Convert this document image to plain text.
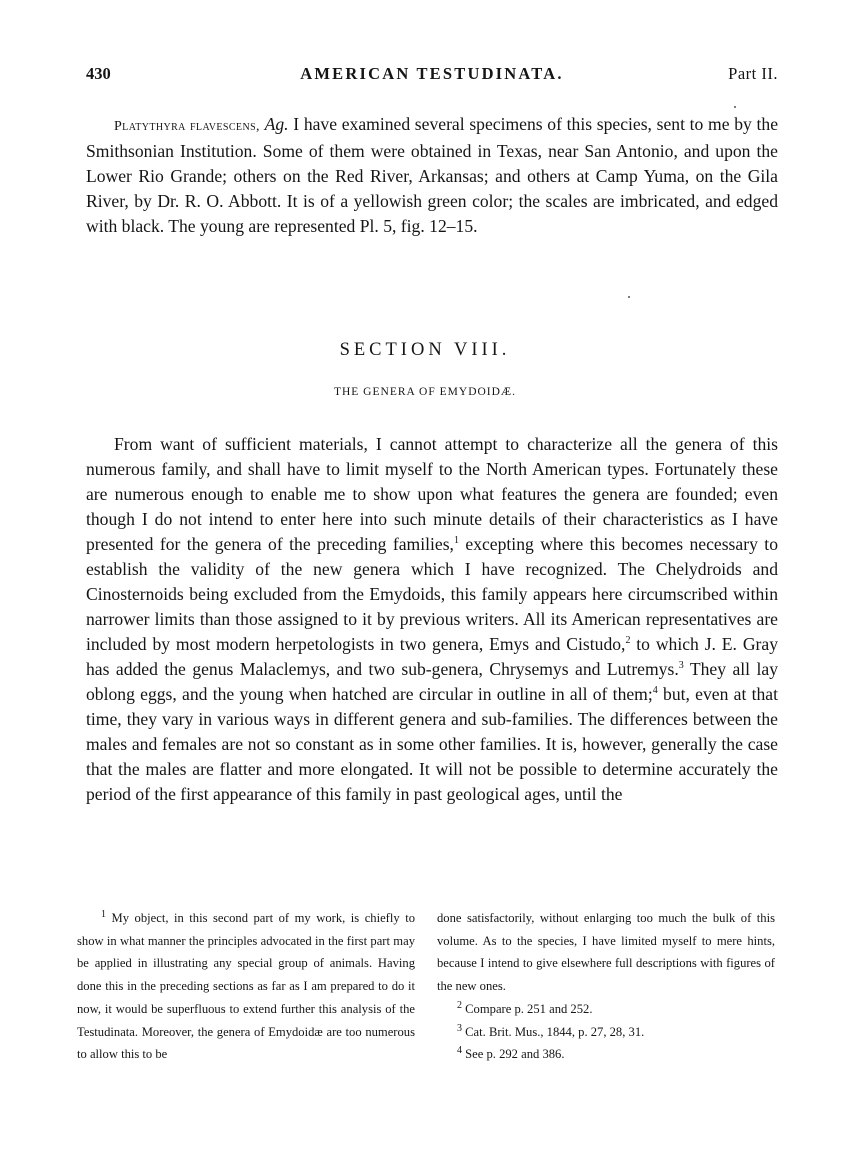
430	AMERICAN TESTUDINATA.	Part II.

Platythyra flavescens, Ag. I have examined several specimens of this species, sent to me by the Smithsonian Institution. Some of them were obtained in Texas, near San Antonio, and upon the Lower Rio Grande; others on the Red River, Arkansas; and others at Camp Yuma, on the Gila River, by Dr. R. O. Abbott. It is of a yellowish green color; the scales are imbricated, and edged with black. The young are represented Pl. 5, fig. 12–15.

SECTION VIII.
THE GENERA OF EMYDOIDÆ.

From want of sufficient materials, I cannot attempt to characterize all the genera of this numerous family, and shall have to limit myself to the North American types. Fortunately these are numerous enough to enable me to show upon what features the genera are founded; even though I do not intend to enter here into such minute details of their characteristics as I have presented for the genera of the preceding families,$^1$ excepting where this becomes necessary to establish the validity of the new genera which I have recognized. The Chelydroids and Cinosternoids being excluded from the Emydoids, this family appears here circumscribed within narrower limits than those assigned to it by previous writers. All its American representatives are included by most modern herpetologists in two genera, Emys and Cistudo,$^2$ to which J. E. Gray has added the genus Malaclemys, and two sub-genera, Chrysemys and Lutremys.$^3$ They all lay oblong eggs, and the young when hatched are circular in outline in all of them;$^4$ but, even at that time, they vary in various ways in different genera and sub-families. The differences between the males and females are not so constant as in some other families. It is, however, generally the case that the males are flatter and more elongated. It will not be possible to determine accurately the period of the first appearance of this family in past geological ages, until the

$^1$ My object, in this second part of my work, is chiefly to show in what manner the principles advocated in the first part may be applied in illustrating any special group of animals. Having done this in the preceding sections as far as I am prepared to do it now, it would be superfluous to extend further this analysis of the Testudinata. Moreover, the genera of Emydoidæ are too numerous to allow this to be

done satisfactorily, without enlarging too much the bulk of this volume. As to the species, I have limited myself to mere hints, because I intend to give elsewhere full descriptions with figures of the new ones.

$^2$ Compare p. 251 and 252.

$^3$ Cat. Brit. Mus., 1844, p. 27, 28, 31.

$^4$ See p. 292 and 386.
